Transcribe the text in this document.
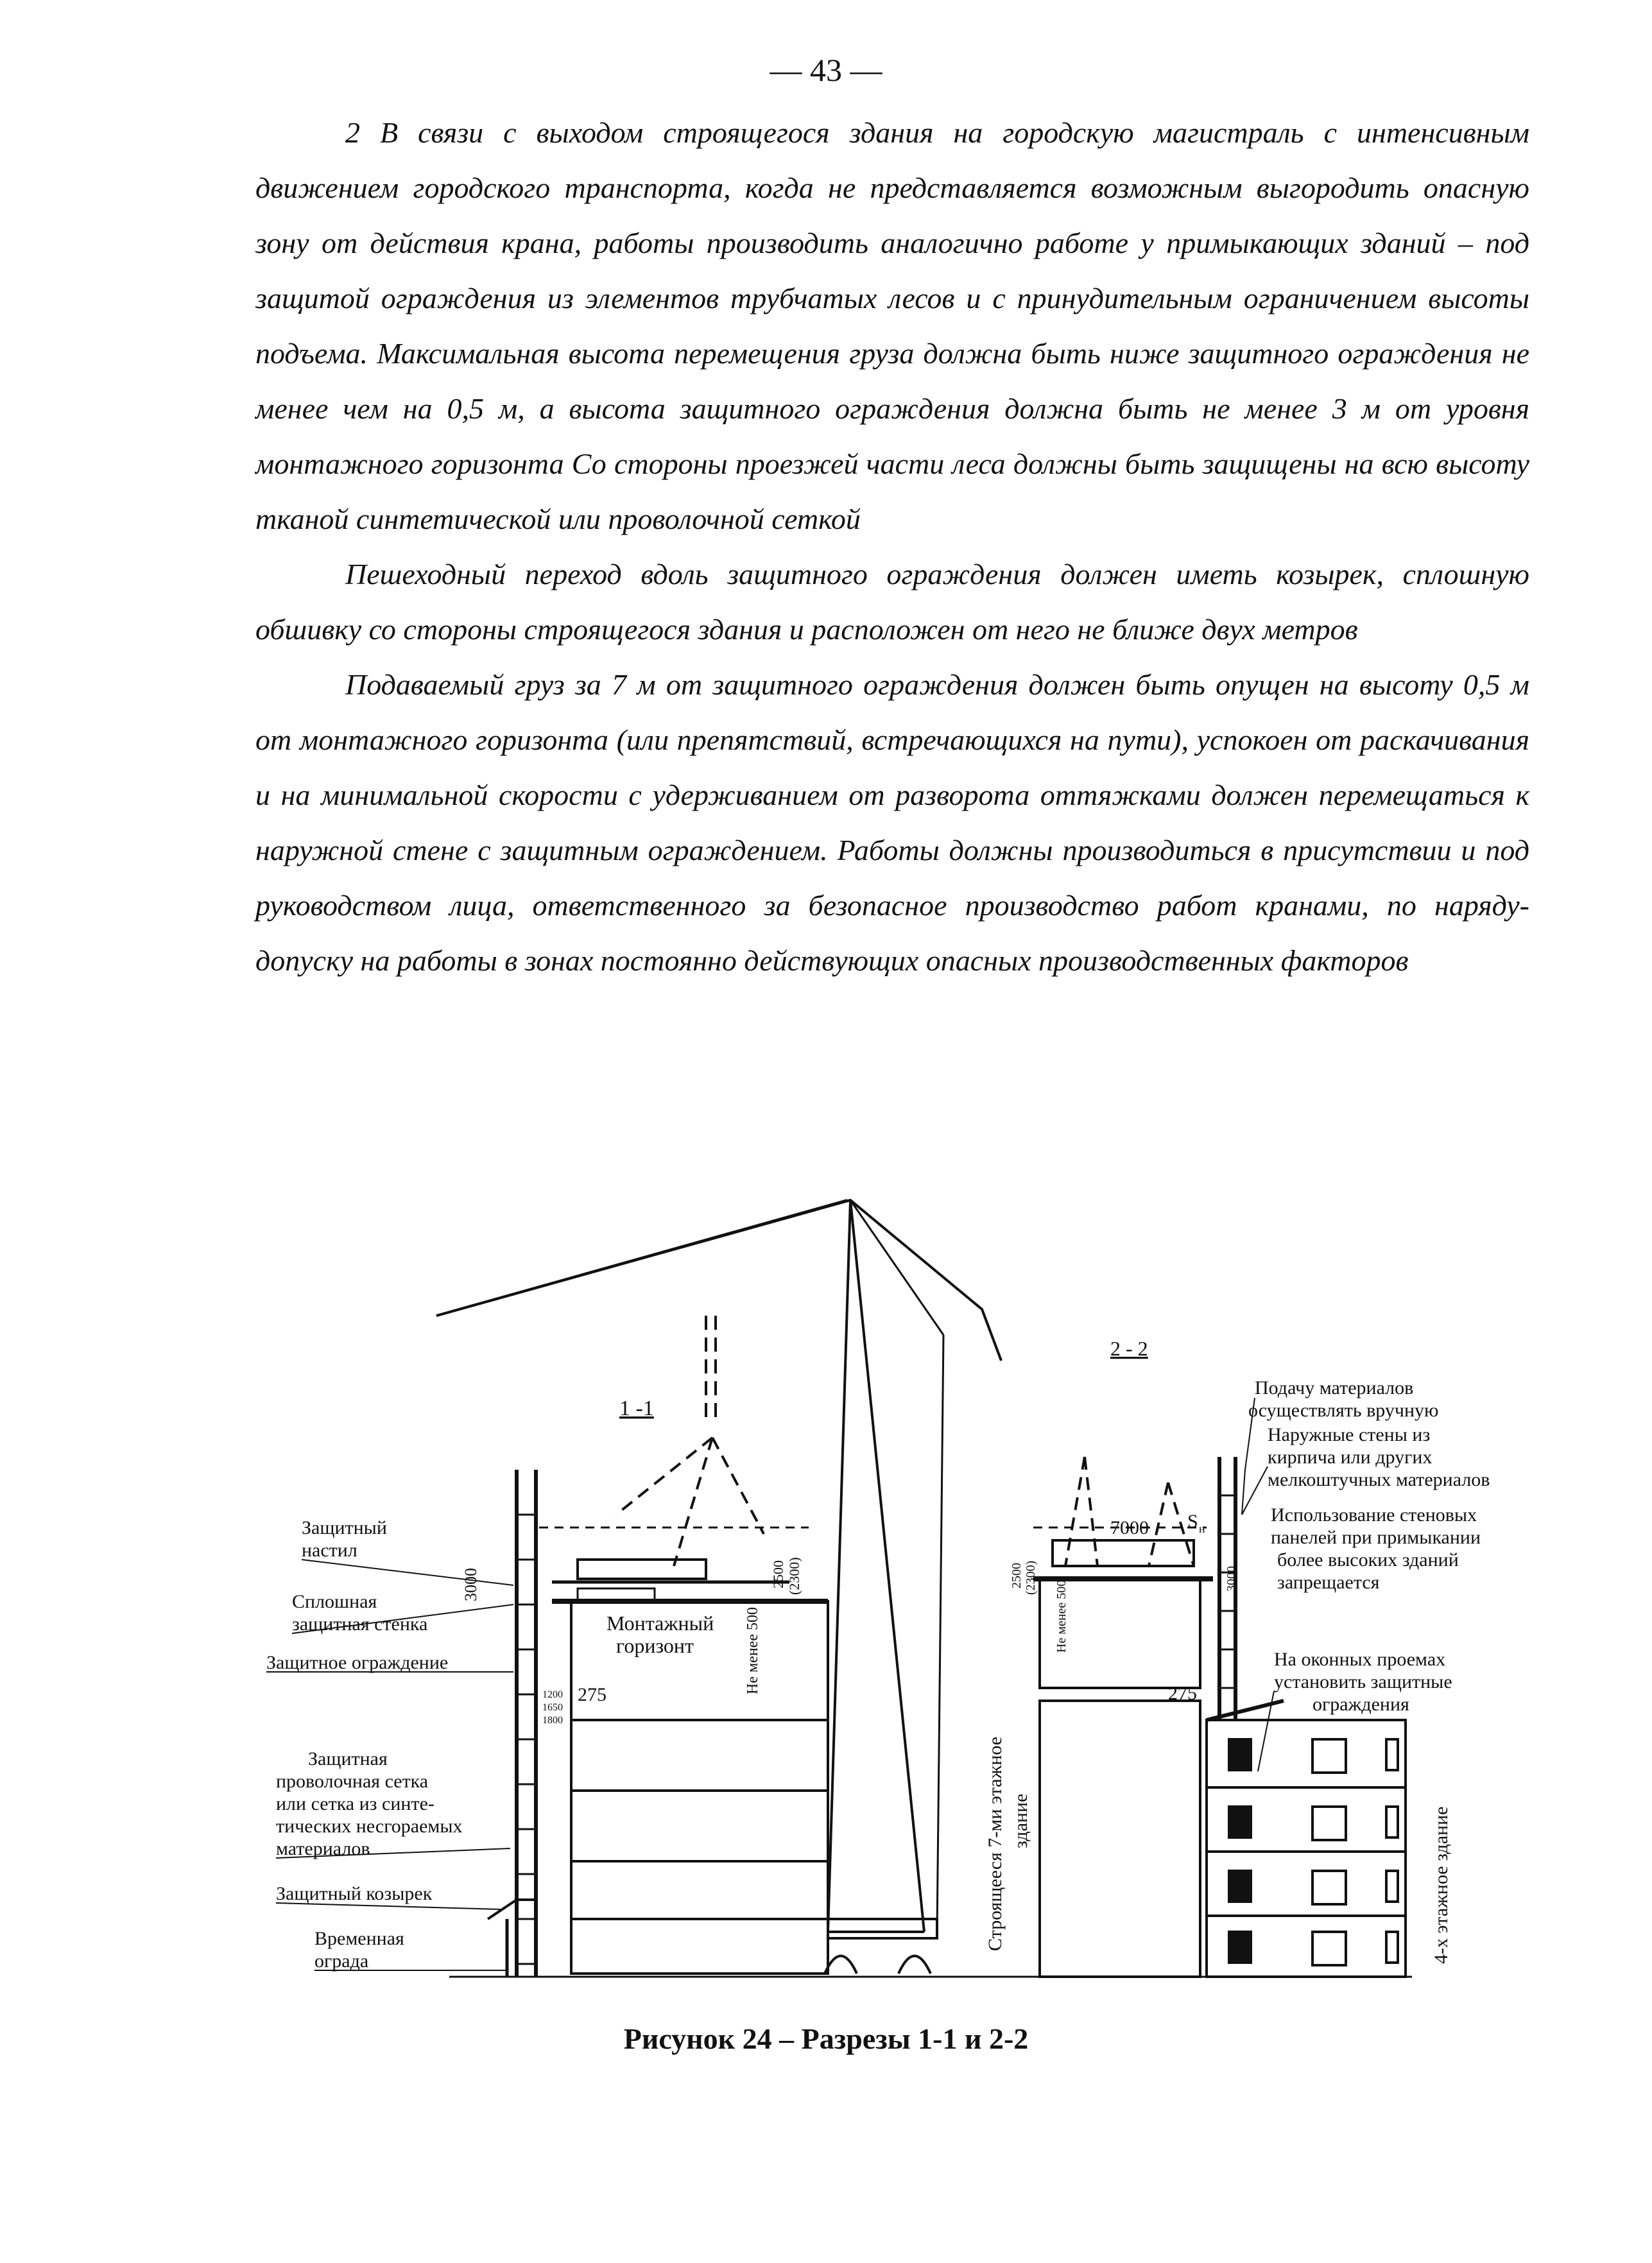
— 43 —

2 В связи с выходом строящегося здания на городскую магистраль с интенсивным движением городского транспорта, когда не представляется возможным выгородить опасную зону от действия крана, работы производить аналогично работе у примыкающих зданий – под защитой ограждения из элементов трубчатых лесов и с принудительным ограничением высоты подъема. Максимальная высота перемещения груза должна быть ниже защитного ограждения не менее чем на 0,5 м, а высота защитного ограждения должна быть не менее 3 м от уровня монтажного горизонта Со стороны проезжей части леса должны быть защищены на всю высоту тканой синтетической или проволочной сеткой

Пешеходный переход вдоль защитного ограждения должен иметь козырек, сплошную обшивку со стороны строящегося здания и расположен от него не ближе двух метров

Подаваемый груз за 7 м от защитного ограждения должен быть опущен на высоту 0,5 м от монтажного горизонта (или препятствий, встречающихся на пути), успокоен от раскачивания и на минимальной скорости с удерживанием от разворота оттяжками должен перемещаться к наружной стене с защитным ограждением. Работы должны производиться в присутствии и под руководством лица, ответственного за безопасное производство работ кранами, по наряду-допуску на работы в зонах постоянно действующих опасных производственных факторов

Защитный
настил
Сплошная
защитная стенка
Защитное ограждение
Защитная
проволочная сетка
или сетка из синте-
тических несгораемых
материалов
Защитный козырек
Временная
ограда
1 -1
Монтажный
горизонт	Не менее 500
3000	2500 (2300)
275
1200
1650
1800
Строящееся 7-ми этажное здание
2 - 2
Подачу материалов
осуществлять вручную
Наружные стены из
кирпича или других
мелкоштучных материалов
Использование стеновых
панелей при примыкании
более высоких зданий
запрещается
На оконных проемах
установить защитные
ограждения
7000 S н
2500 (2300)	3000
Не менее 500
275
4-х этажное здание
Рисунок 24 – Разрезы 1-1 и 2-2
